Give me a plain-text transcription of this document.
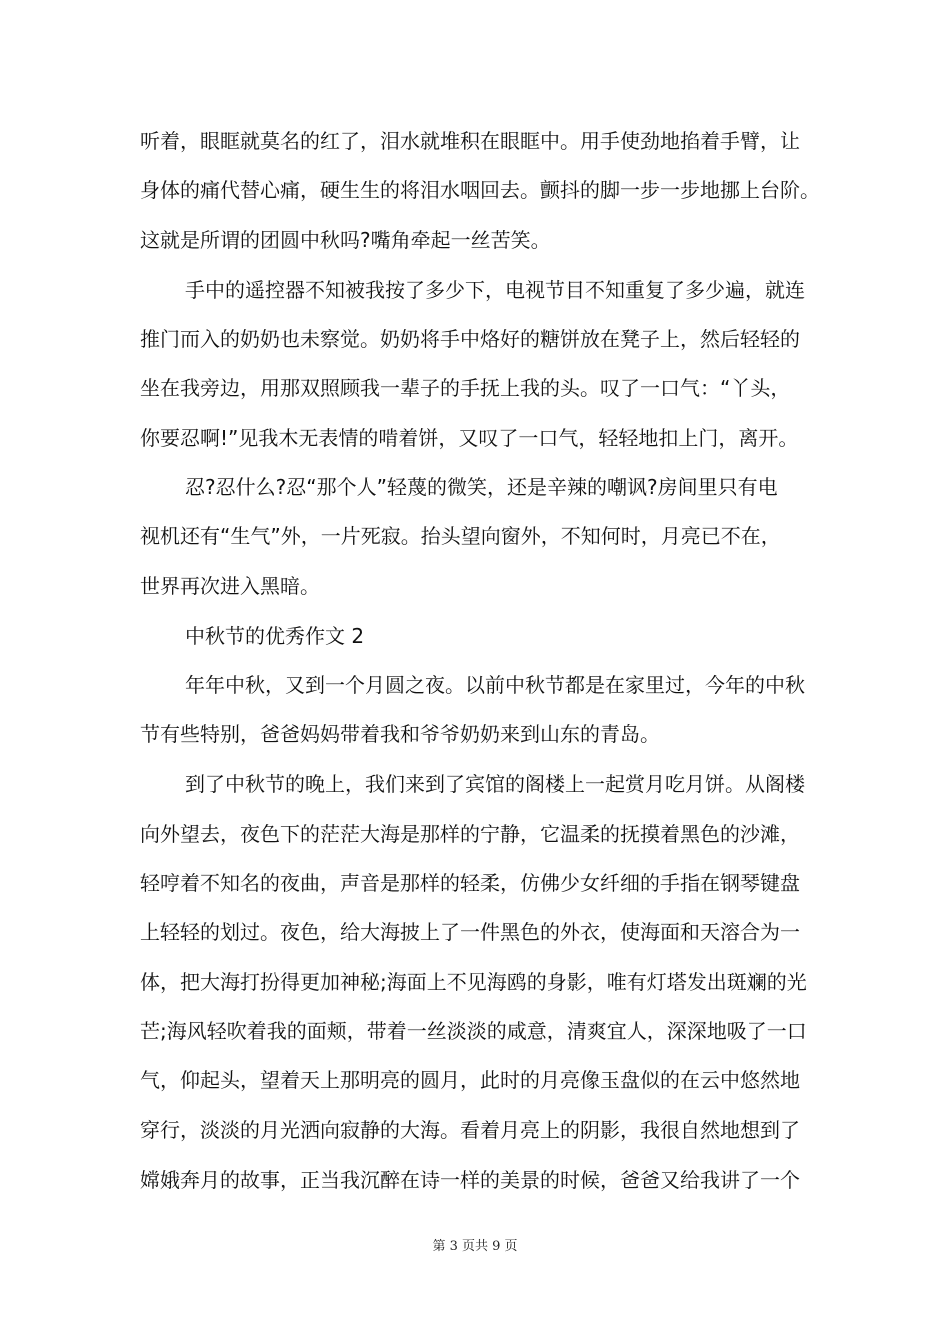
听着，眼眶就莫名的红了，泪水就堆积在眼眶中。用手使劲地掐着手臂，让
身体的痛代替心痛，硬生生的将泪水咽回去。颤抖的脚一步一步地挪上台阶。
这就是所谓的团圆中秋吗?嘴角牵起一丝苦笑。
手中的遥控器不知被我按了多少下，电视节目不知重复了多少遍，就连
推门而入的奶奶也未察觉。奶奶将手中烙好的糖饼放在凳子上，然后轻轻的
坐在我旁边，用那双照顾我一辈子的手抚上我的头。叹了一口气：“丫头，
你要忍啊!”见我木无表情的啃着饼，又叹了一口气，轻轻地扣上门，离开。
忍?忍什么?忍“那个人”轻蔑的微笑，还是辛辣的嘲讽?房间里只有电
视机还有“生气”外，一片死寂。抬头望向窗外，不知何时，月亮已不在，
世界再次进入黑暗。
中秋节的优秀作文 2
年年中秋，又到一个月圆之夜。以前中秋节都是在家里过，今年的中秋
节有些特别，爸爸妈妈带着我和爷爷奶奶来到山东的青岛。
到了中秋节的晚上，我们来到了宾馆的阁楼上一起赏月吃月饼。从阁楼
向外望去，夜色下的茫茫大海是那样的宁静，它温柔的抚摸着黑色的沙滩，
轻哼着不知名的夜曲，声音是那样的轻柔，仿佛少女纤细的手指在钢琴键盘
上轻轻的划过。夜色，给大海披上了一件黑色的外衣，使海面和天溶合为一
体，把大海打扮得更加神秘;海面上不见海鸥的身影，唯有灯塔发出斑斓的光
芒;海风轻吹着我的面颊，带着一丝淡淡的咸意，清爽宜人，深深地吸了一口
气，仰起头，望着天上那明亮的圆月，此时的月亮像玉盘似的在云中悠然地
穿行，淡淡的月光洒向寂静的大海。看着月亮上的阴影，我很自然地想到了
嫦娥奔月的故事，正当我沉醉在诗一样的美景的时候，爸爸又给我讲了一个
第 3 页共 9 页
